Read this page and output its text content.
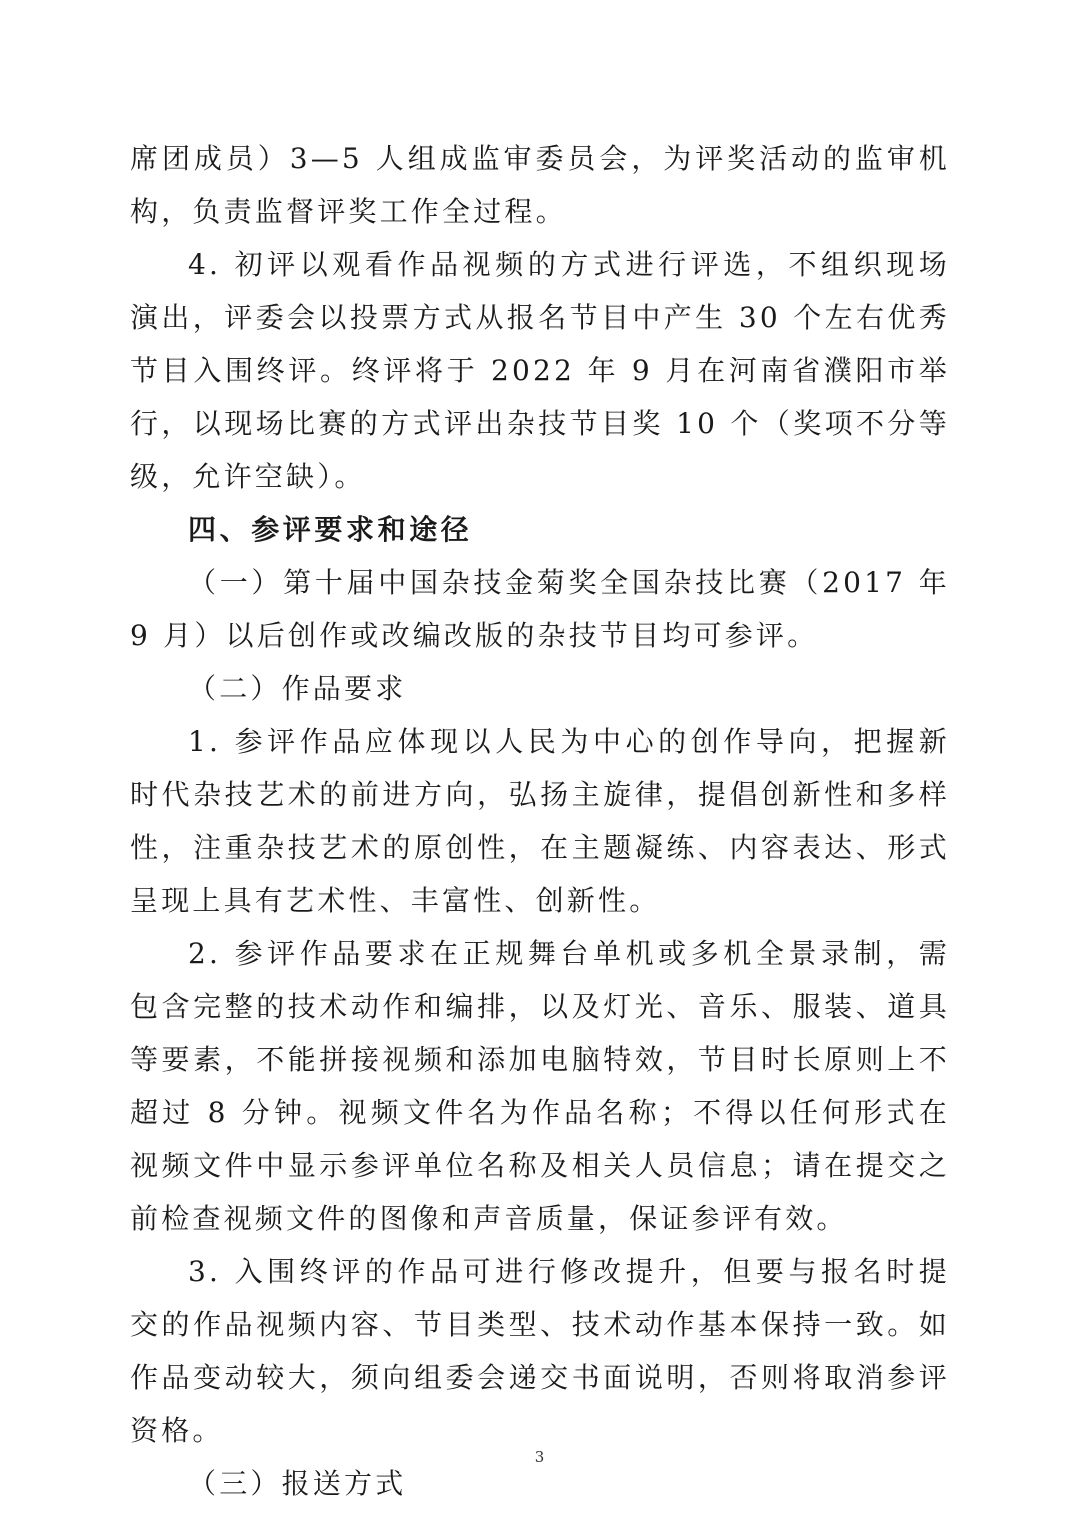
席团成员）3—5 人组成监审委员会，为评奖活动的监审机构，负责监督评奖工作全过程。

4. 初评以观看作品视频的方式进行评选，不组织现场演出，评委会以投票方式从报名节目中产生 30 个左右优秀节目入围终评。终评将于 2022 年 9 月在河南省濮阳市举行，以现场比赛的方式评出杂技节目奖 10 个（奖项不分等级，允许空缺）。

四、参评要求和途径

（一）第十届中国杂技金菊奖全国杂技比赛（2017 年 9 月）以后创作或改编改版的杂技节目均可参评。

（二）作品要求

1. 参评作品应体现以人民为中心的创作导向，把握新时代杂技艺术的前进方向，弘扬主旋律，提倡创新性和多样性，注重杂技艺术的原创性，在主题凝练、内容表达、形式呈现上具有艺术性、丰富性、创新性。

2. 参评作品要求在正规舞台单机或多机全景录制，需包含完整的技术动作和编排，以及灯光、音乐、服装、道具等要素，不能拼接视频和添加电脑特效，节目时长原则上不超过 8 分钟。视频文件名为作品名称；不得以任何形式在视频文件中显示参评单位名称及相关人员信息；请在提交之前检查视频文件的图像和声音质量，保证参评有效。

3. 入围终评的作品可进行修改提升，但要与报名时提交的作品视频内容、节目类型、技术动作基本保持一致。如作品变动较大，须向组委会递交书面说明，否则将取消参评资格。

（三）报送方式

3
